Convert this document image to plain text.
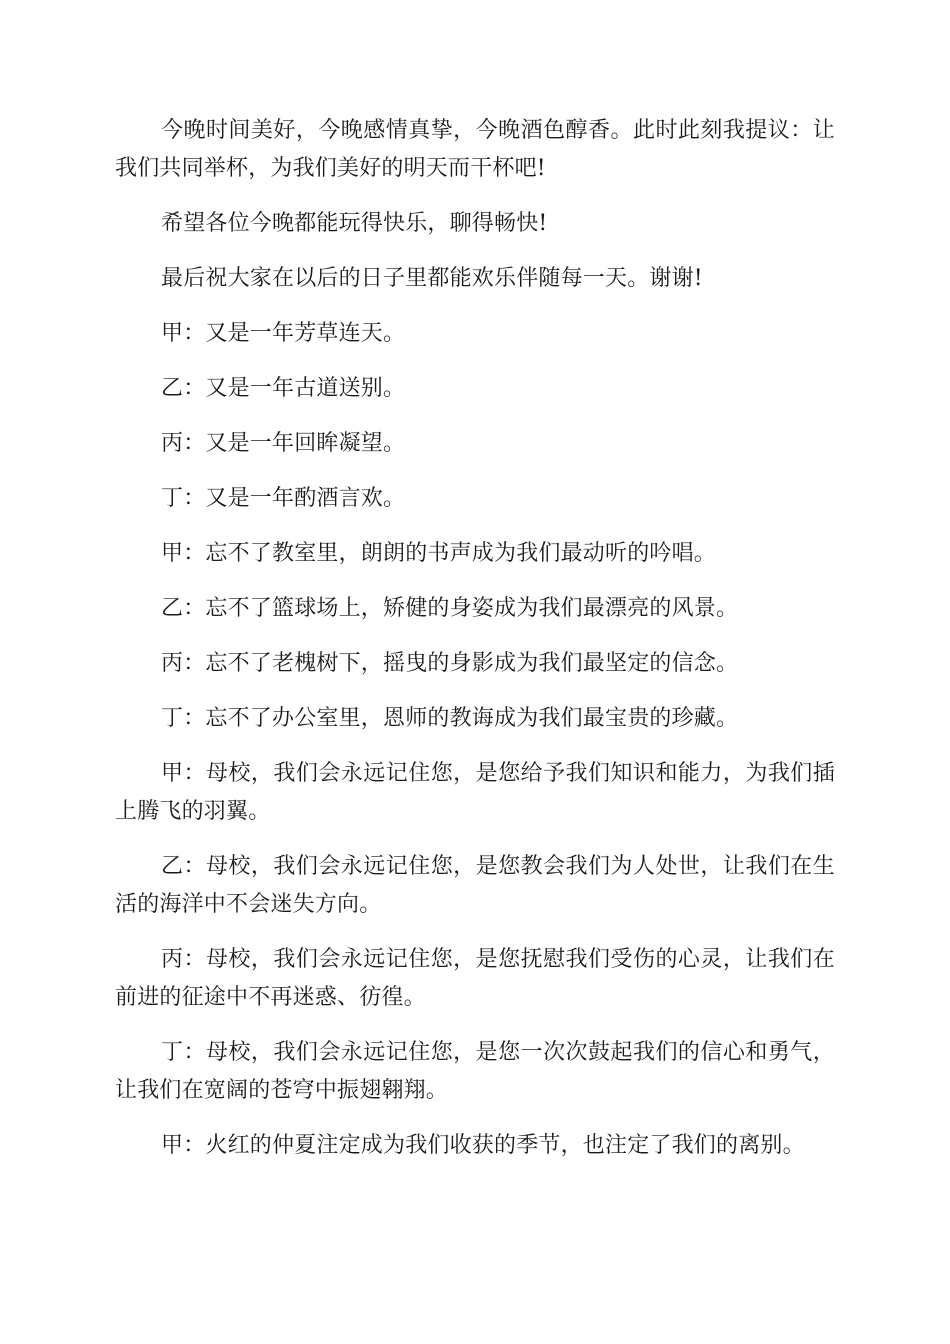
今晚时间美好，今晚感情真挚，今晚酒色醇香。此时此刻我提议：让我们共同举杯，为我们美好的明天而干杯吧!

希望各位今晚都能玩得快乐，聊得畅快!

最后祝大家在以后的日子里都能欢乐伴随每一天。谢谢!

甲：又是一年芳草连天。

乙：又是一年古道送别。

丙：又是一年回眸凝望。

丁：又是一年酌酒言欢。

甲：忘不了教室里，朗朗的书声成为我们最动听的吟唱。

乙：忘不了篮球场上，矫健的身姿成为我们最漂亮的风景。

丙：忘不了老槐树下，摇曳的身影成为我们最坚定的信念。

丁：忘不了办公室里，恩师的教诲成为我们最宝贵的珍藏。

甲：母校，我们会永远记住您，是您给予我们知识和能力，为我们插上腾飞的羽翼。

乙：母校，我们会永远记住您，是您教会我们为人处世，让我们在生活的海洋中不会迷失方向。

丙：母校，我们会永远记住您，是您抚慰我们受伤的心灵，让我们在前进的征途中不再迷惑、彷徨。

丁：母校，我们会永远记住您，是您一次次鼓起我们的信心和勇气，让我们在宽阔的苍穹中振翅翱翔。

甲：火红的仲夏注定成为我们收获的季节，也注定了我们的离别。
